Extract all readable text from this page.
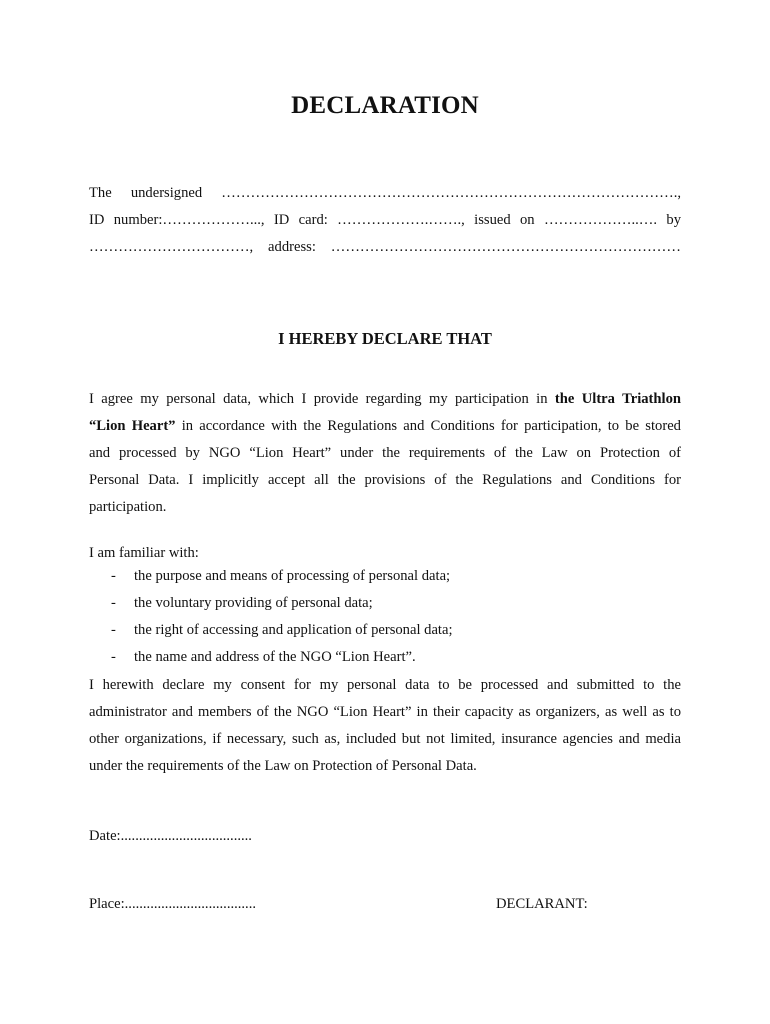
DECLARATION
The undersigned ………………………………………………………………………………….,
ID number:………………..., ID card: ……………….……., issued on ………………..…. by
……………………………, address: ………………………………………………………………
I HEREBY DECLARE THAT
I agree my personal data, which I provide regarding my participation in the Ultra Triathlon
“Lion Heart” in accordance with the Regulations and Conditions for participation, to be stored
and processed by NGO “Lion Heart” under the requirements of the Law on Protection of
Personal Data. I implicitly accept all the provisions of the Regulations and Conditions for
participation.
I am familiar with:
- the purpose and means of processing of personal data;
- the voluntary providing of personal data;
- the right of accessing and application of personal data;
- the name and address of the NGO “Lion Heart”.
I herewith declare my consent for my personal data to be processed and submitted to the
administrator and members of the NGO “Lion Heart” in their capacity as organizers, as well as to
other organizations, if necessary, such as, included but not limited, insurance agencies and media
under the requirements of the Law on Protection of Personal Data.
Date:....................................
Place:....................................	DECLARANT:
